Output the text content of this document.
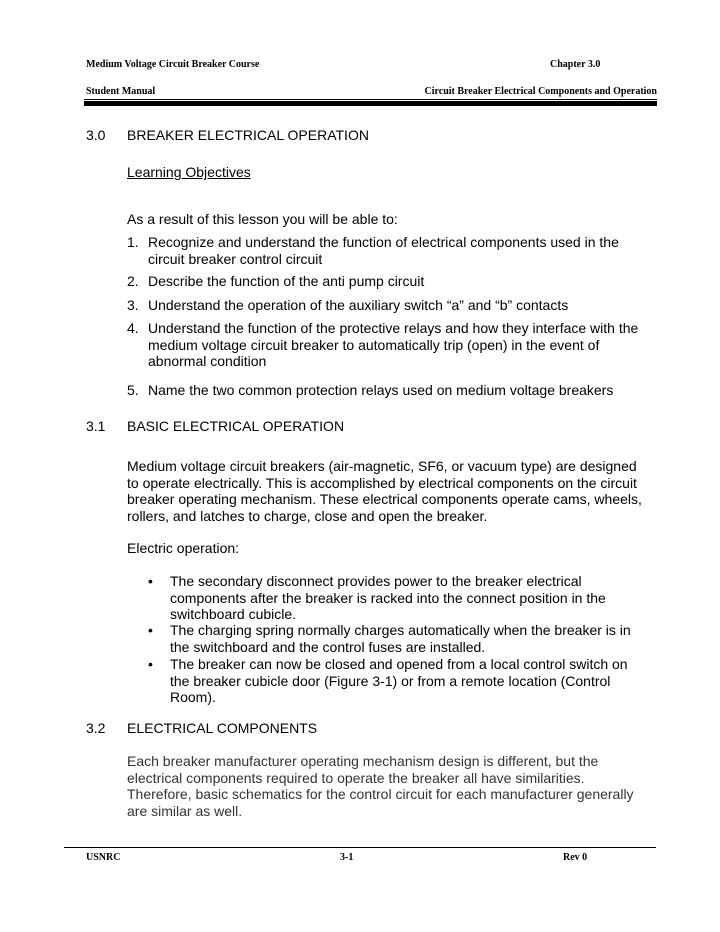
Medium Voltage Circuit Breaker Course	Chapter 3.0
Student Manual	Circuit Breaker Electrical Components and Operation
3.0 BREAKER ELECTRICAL OPERATION
Learning Objectives
As a result of this lesson you will be able to:
1. Recognize and understand the function of electrical components used in the
circuit breaker control circuit
2. Describe the function of the anti pump circuit
3. Understand the operation of the auxiliary switch “a” and “b” contacts
4. Understand the function of the protective relays and how they interface with the
medium voltage circuit breaker to automatically trip (open) in the event of
abnormal condition
5. Name the two common protection relays used on medium voltage breakers
3.1 BASIC ELECTRICAL OPERATION
Medium voltage circuit breakers (air-magnetic, SF6, or vacuum type) are designed
to operate electrically. This is accomplished by electrical components on the circuit
breaker operating mechanism. These electrical components operate cams, wheels,
rollers, and latches to charge, close and open the breaker.
Electric operation:
• The secondary disconnect provides power to the breaker electrical
components after the breaker is racked into the connect position in the
switchboard cubicle.
• The charging spring normally charges automatically when the breaker is in
the switchboard and the control fuses are installed.
• The breaker can now be closed and opened from a local control switch on
the breaker cubicle door (Figure 3-1) or from a remote location (Control
Room).
3.2 ELECTRICAL COMPONENTS
Each breaker manufacturer operating mechanism design is different, but the
electrical components required to operate the breaker all have similarities.
Therefore, basic schematics for the control circuit for each manufacturer generally
are similar as well.
USNRC	3-1	Rev 0
